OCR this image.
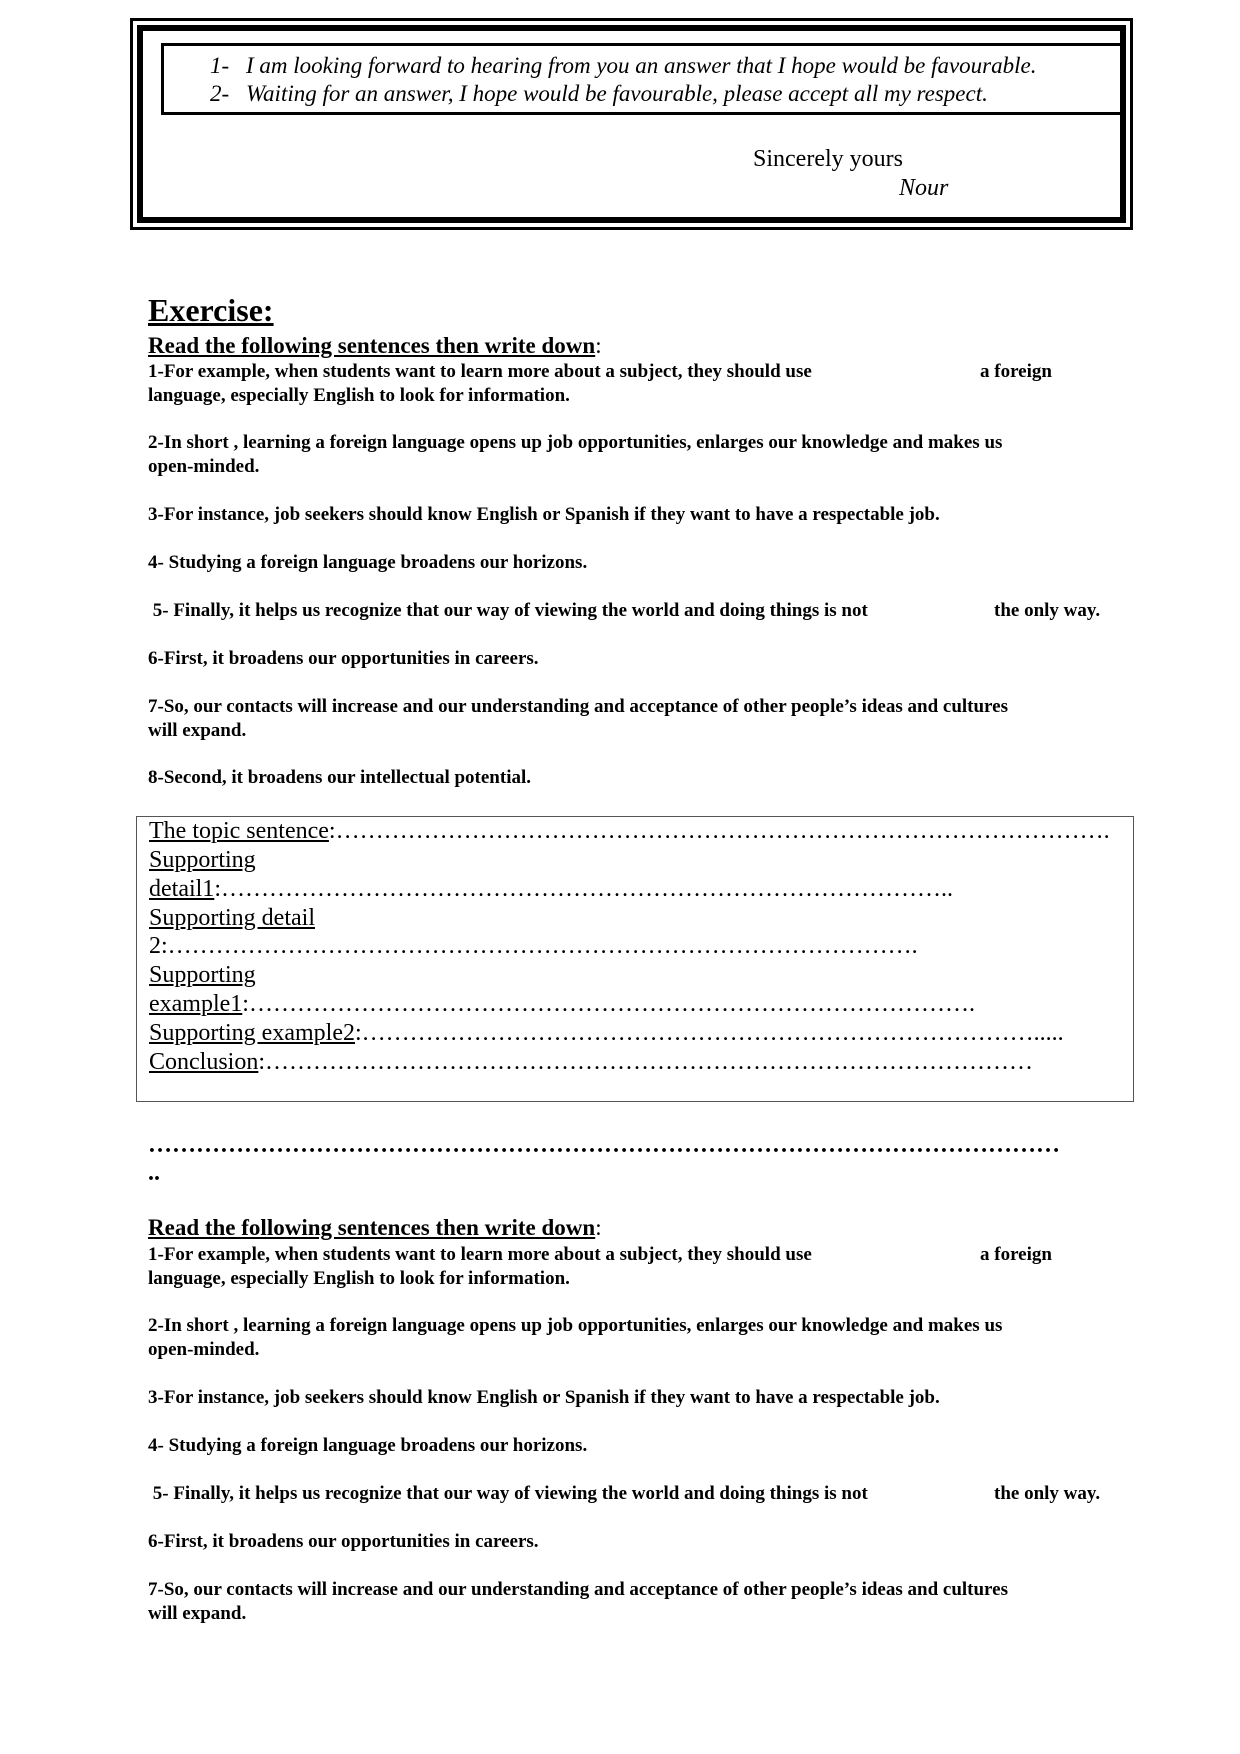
1- I am looking forward to hearing from you an answer that I hope would be favourable.
2- Waiting for an answer, I hope would be favourable, please accept all my respect.
Sincerely yours
Nour
Exercise:
Read the following sentences then write down:

1-For example, when students want to learn more about a subject, they should use	a foreign

language, especially English to look for information.

2-In short , learning a foreign language opens up job opportunities, enlarges our knowledge and makes us
open-minded.

3-For instance, job seekers should know English or Spanish if they want to have a respectable job.

4- Studying a foreign language broadens our horizons.

5- Finally, it helps us recognize that our way of viewing the world and doing things is not	the only way.

6-First, it broadens our opportunities in careers.

7-So, our contacts will increase and our understanding and acceptance of other people’s ideas and cultures
will expand.

8-Second, it broadens our intellectual potential.

The topic sentence:…………………………………………………………………………………….
Supporting
detail1:………………………………………………………………………………..
Supporting detail
2:………………………………………………………………………………….
Supporting
example1:……………………………………………………………………………….
Supporting example2:………………………………………………………………………….....
Conclusion:……………………………………………………………………………………
……………………………………………………………………………………………………
..
Read the following sentences then write down:

1-For example, when students want to learn more about a subject, they should use	a foreign

language, especially English to look for information.

2-In short , learning a foreign language opens up job opportunities, enlarges our knowledge and makes us
open-minded.

3-For instance, job seekers should know English or Spanish if they want to have a respectable job.

4- Studying a foreign language broadens our horizons.

5- Finally, it helps us recognize that our way of viewing the world and doing things is not	the only way.

6-First, it broadens our opportunities in careers.

7-So, our contacts will increase and our understanding and acceptance of other people’s ideas and cultures
will expand.
